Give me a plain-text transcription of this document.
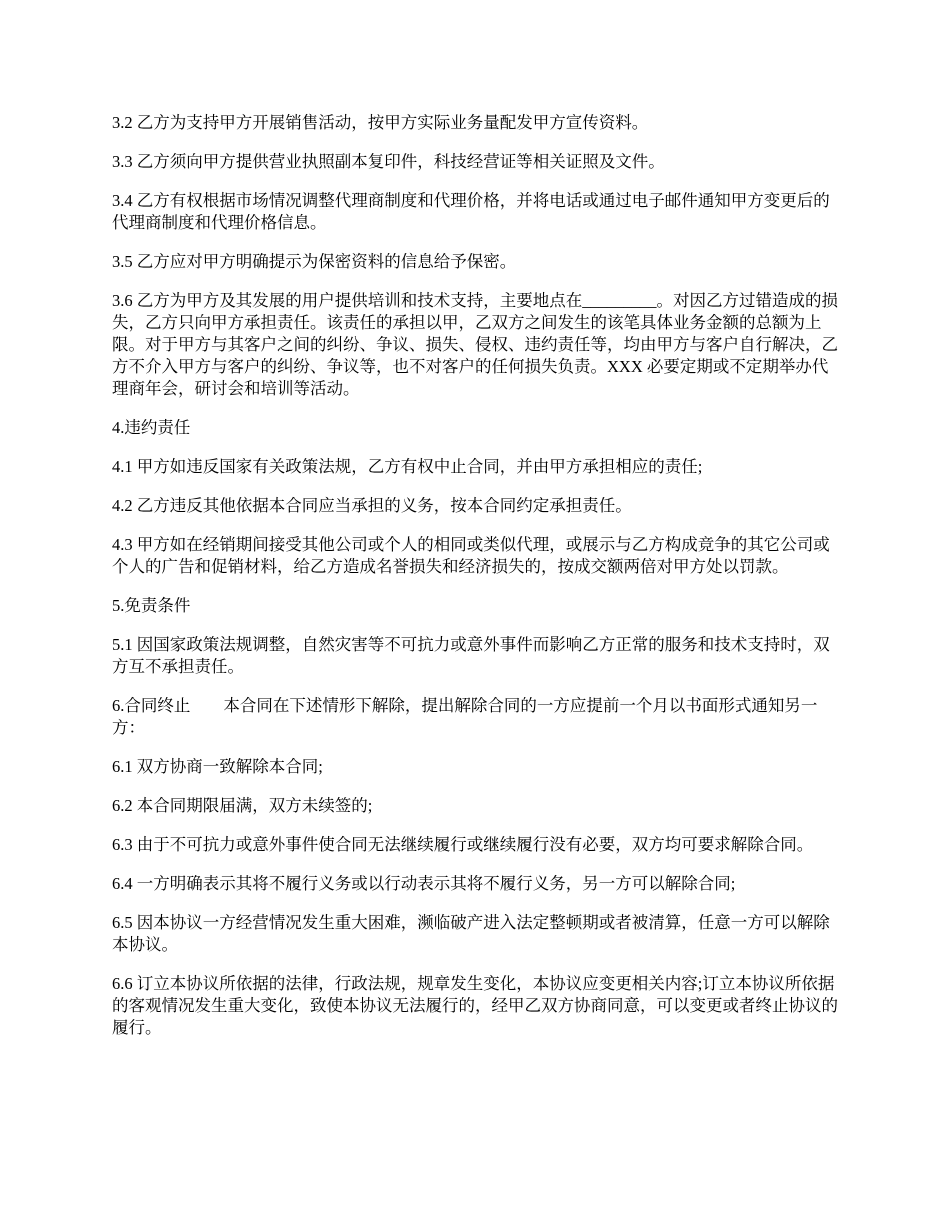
3.2 乙方为支持甲方开展销售活动，按甲方实际业务量配发甲方宣传资料。

3.3 乙方须向甲方提供营业执照副本复印件，科技经营证等相关证照及文件。

3.4 乙方有权根据市场情况调整代理商制度和代理价格，并将电话或通过电子邮件通知甲方变更后的代理商制度和代理价格信息。

3.5 乙方应对甲方明确提示为保密资料的信息给予保密。

3.6 乙方为甲方及其发展的用户提供培训和技术支持，主要地点在_________。对因乙方过错造成的损失，乙方只向甲方承担责任。该责任的承担以甲，乙双方之间发生的该笔具体业务金额的总额为上限。对于甲方与其客户之间的纠纷、争议、损失、侵权、违约责任等，均由甲方与客户自行解决，乙方不介入甲方与客户的纠纷、争议等，也不对客户的任何损失负责。XXX 必要定期或不定期举办代理商年会，研讨会和培训等活动。

4.违约责任

4.1 甲方如违反国家有关政策法规，乙方有权中止合同，并由甲方承担相应的责任;

4.2 乙方违反其他依据本合同应当承担的义务，按本合同约定承担责任。

4.3 甲方如在经销期间接受其他公司或个人的相同或类似代理，或展示与乙方构成竞争的其它公司或个人的广告和促销材料，给乙方造成名誉损失和经济损失的，按成交额两倍对甲方处以罚款。

5.免责条件

5.1 因国家政策法规调整，自然灾害等不可抗力或意外事件而影响乙方正常的服务和技术支持时，双方互不承担责任。

6.合同终止　　本合同在下述情形下解除，提出解除合同的一方应提前一个月以书面形式通知另一方：

6.1 双方协商一致解除本合同;

6.2 本合同期限届满，双方未续签的;

6.3 由于不可抗力或意外事件使合同无法继续履行或继续履行没有必要，双方均可要求解除合同。

6.4 一方明确表示其将不履行义务或以行动表示其将不履行义务，另一方可以解除合同;

6.5 因本协议一方经营情况发生重大困难，濒临破产进入法定整顿期或者被清算，任意一方可以解除本协议。

6.6 订立本协议所依据的法律，行政法规，规章发生变化，本协议应变更相关内容;订立本协议所依据的客观情况发生重大变化，致使本协议无法履行的，经甲乙双方协商同意，可以变更或者终止协议的履行。
